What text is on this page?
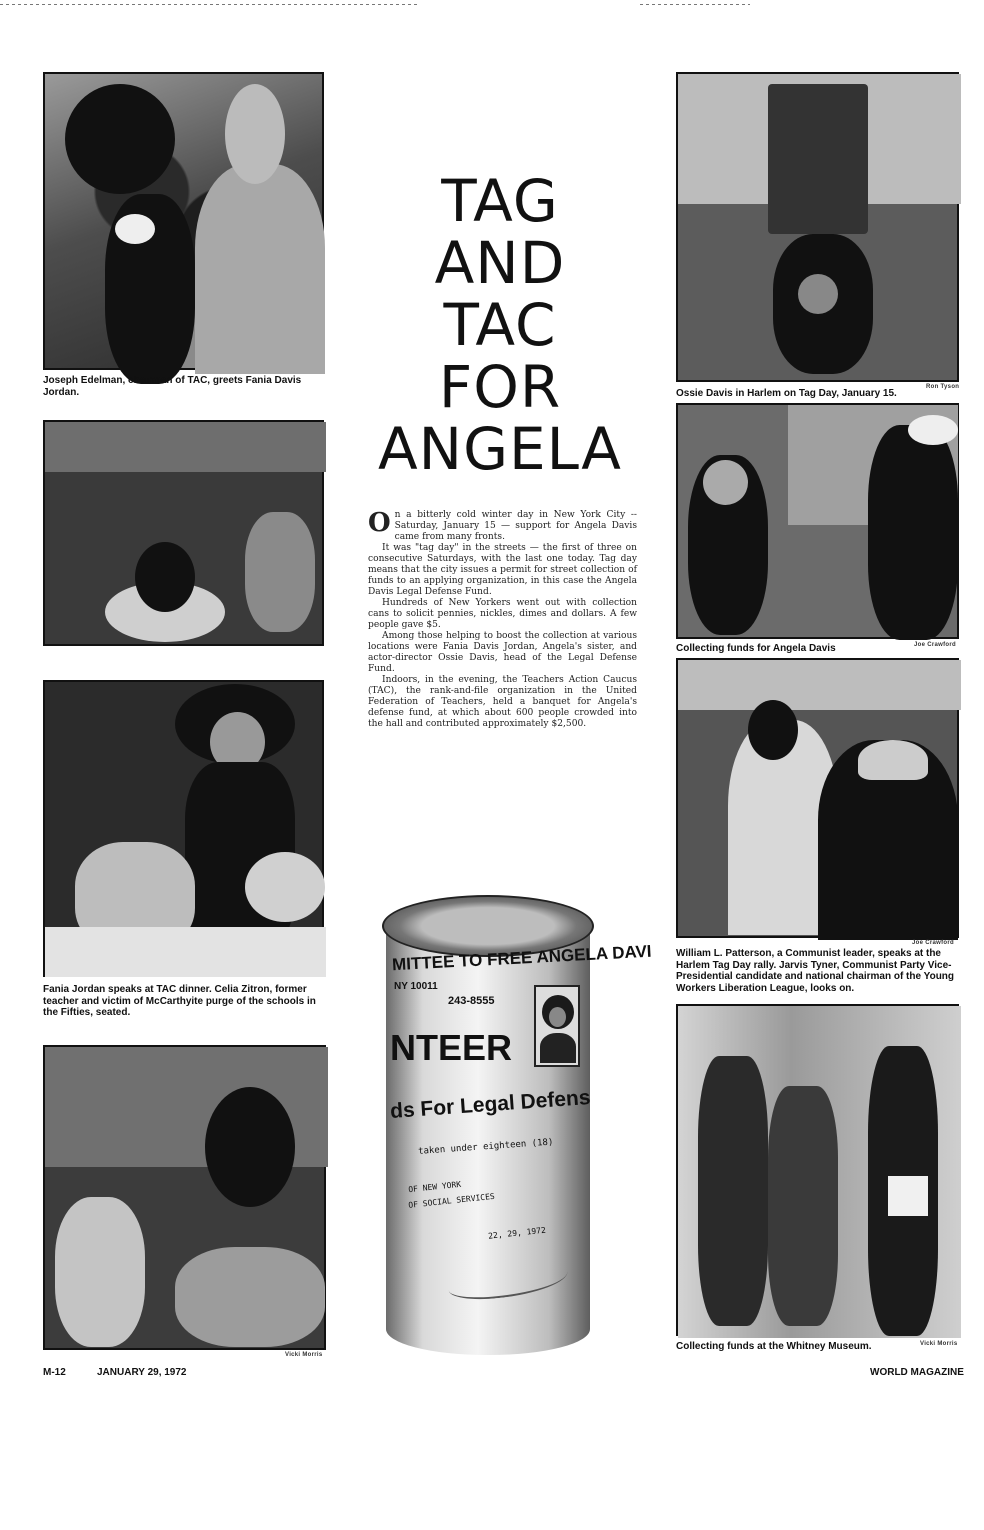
Joseph Edelman, chairman of TAC, greets Fania Davis Jordan.
Fania Jordan speaks at TAC dinner. Celia Zitron, former teacher and victim of McCarthyite purge of the schools in the Fifties, seated.
Vicki Morris
TAG
AND
TAC
FOR
ANGELA

On a bitterly cold winter day in New York City -- Saturday, January 15 — support for Angela Davis came from many fronts.

It was "tag day" in the streets — the first of three on consecutive Saturdays, with the last one today. Tag day means that the city issues a permit for street collection of funds to an applying organization, in this case the Angela Davis Legal Defense Fund.

Hundreds of New Yorkers went out with collection cans to solicit pennies, nickles, dimes and dollars. A few people gave $5.

Among those helping to boost the collection at various locations were Fania Davis Jordan, Angela's sister, and actor-director Ossie Davis, head of the Legal Defense Fund.

Indoors, in the evening, the Teachers Action Caucus (TAC), the rank-and-file organization in the United Federation of Teachers, held a banquet for Angela's defense fund, at which about 600 people crowded into the hall and contributed approximately $2,500.

MITTEE TO FREE ANGELA DAVI
NY 10011
243-8555
NTEER
ds For Legal Defens
taken under eighteen (18)
OF NEW YORK
OF SOCIAL SERVICES
22, 29, 1972
Ossie Davis in Harlem on Tag Day, January 15.
Ron Tyson
Collecting funds for Angela Davis	Joe Crawford
Joe Crawford
William L. Patterson, a Communist leader, speaks at the Harlem Tag Day rally. Jarvis Tyner, Communist Party Vice-Presidential candidate and national chairman of the Young Workers Liberation League, looks on.
Collecting funds at the Whitney Museum.	Vicki Morris
M-12	JANUARY 29, 1972	WORLD MAGAZINE
